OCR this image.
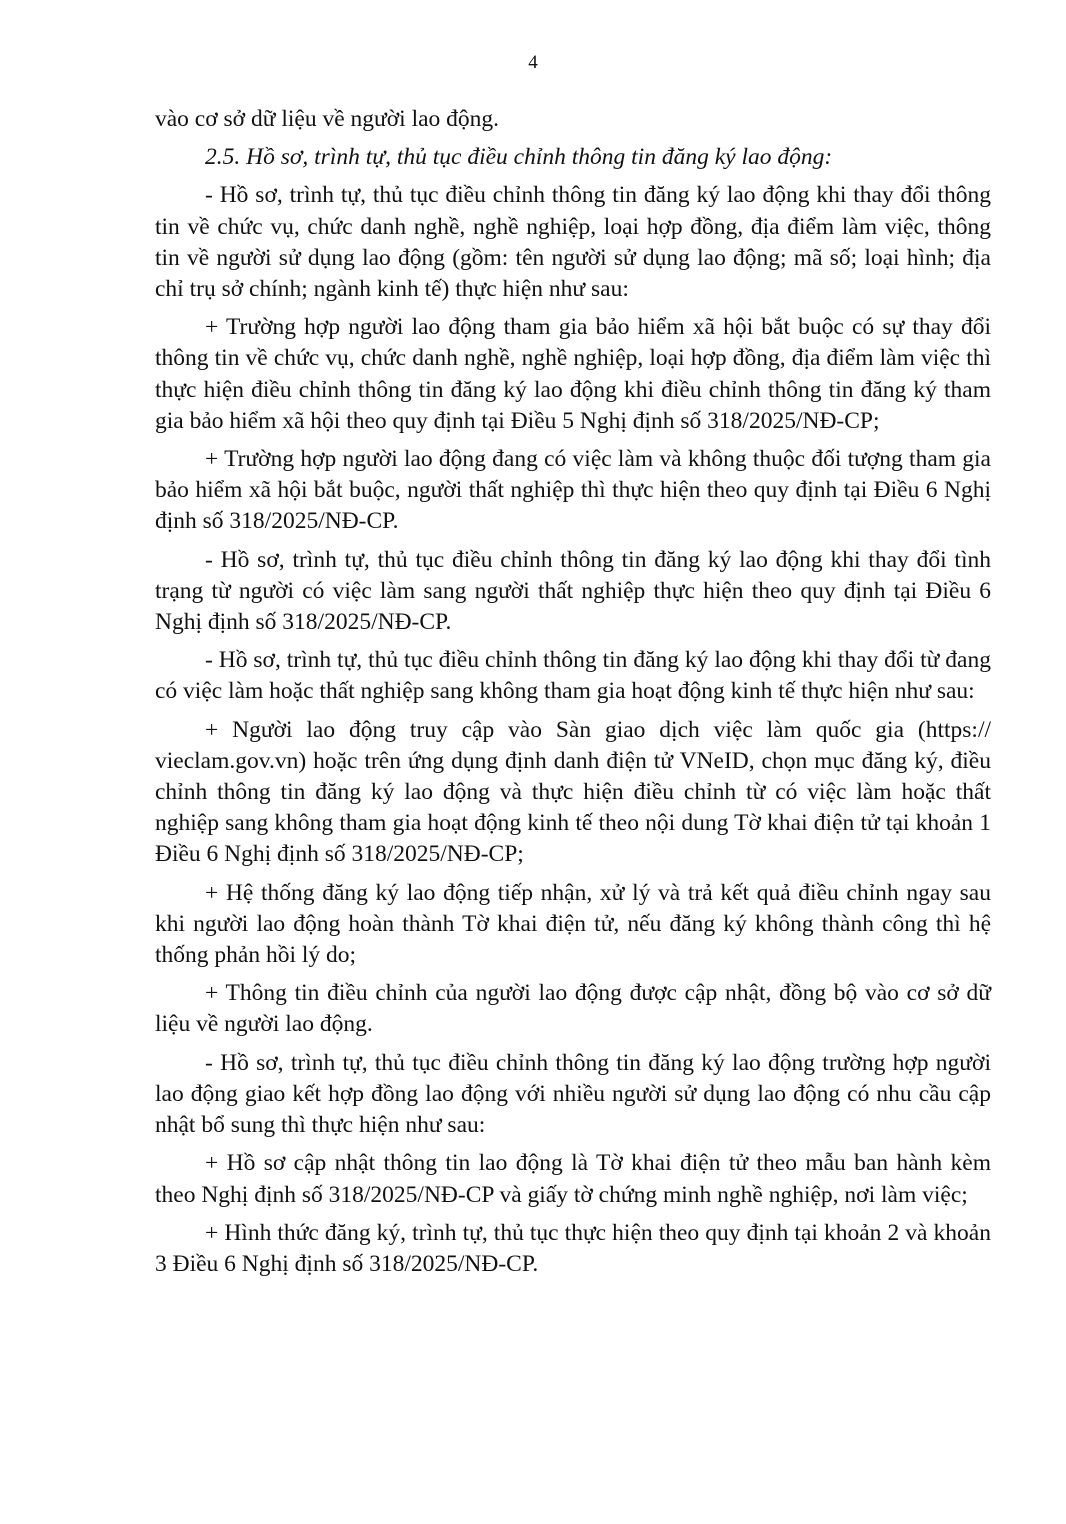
4

vào cơ sở dữ liệu về người lao động.

2.5. Hồ sơ, trình tự, thủ tục điều chỉnh thông tin đăng ký lao động:

- Hồ sơ, trình tự, thủ tục điều chỉnh thông tin đăng ký lao động khi thay đổi thông tin về chức vụ, chức danh nghề, nghề nghiệp, loại hợp đồng, địa điểm làm việc, thông tin về người sử dụng lao động (gồm: tên người sử dụng lao động; mã số; loại hình; địa chỉ trụ sở chính; ngành kinh tế) thực hiện như sau:

+ Trường hợp người lao động tham gia bảo hiểm xã hội bắt buộc có sự thay đổi thông tin về chức vụ, chức danh nghề, nghề nghiệp, loại hợp đồng, địa điểm làm việc thì thực hiện điều chỉnh thông tin đăng ký lao động khi điều chỉnh thông tin đăng ký tham gia bảo hiểm xã hội theo quy định tại Điều 5 Nghị định số 318/2025/NĐ-CP;

+ Trường hợp người lao động đang có việc làm và không thuộc đối tượng tham gia bảo hiểm xã hội bắt buộc, người thất nghiệp thì thực hiện theo quy định tại Điều 6 Nghị định số 318/2025/NĐ-CP.

- Hồ sơ, trình tự, thủ tục điều chỉnh thông tin đăng ký lao động khi thay đổi tình trạng từ người có việc làm sang người thất nghiệp thực hiện theo quy định tại Điều 6 Nghị định số 318/2025/NĐ-CP.

- Hồ sơ, trình tự, thủ tục điều chỉnh thông tin đăng ký lao động khi thay đổi từ đang có việc làm hoặc thất nghiệp sang không tham gia hoạt động kinh tế thực hiện như sau:

+ Người lao động truy cập vào Sàn giao dịch việc làm quốc gia (https:// vieclam.gov.vn) hoặc trên ứng dụng định danh điện tử VNeID, chọn mục đăng ký, điều chỉnh thông tin đăng ký lao động và thực hiện điều chỉnh từ có việc làm hoặc thất nghiệp sang không tham gia hoạt động kinh tế theo nội dung Tờ khai điện tử tại khoản 1 Điều 6 Nghị định số 318/2025/NĐ-CP;

+ Hệ thống đăng ký lao động tiếp nhận, xử lý và trả kết quả điều chỉnh ngay sau khi người lao động hoàn thành Tờ khai điện tử, nếu đăng ký không thành công thì hệ thống phản hồi lý do;

+ Thông tin điều chỉnh của người lao động được cập nhật, đồng bộ vào cơ sở dữ liệu về người lao động.

- Hồ sơ, trình tự, thủ tục điều chỉnh thông tin đăng ký lao động trường hợp người lao động giao kết hợp đồng lao động với nhiều người sử dụng lao động có nhu cầu cập nhật bổ sung thì thực hiện như sau:

+ Hồ sơ cập nhật thông tin lao động là Tờ khai điện tử theo mẫu ban hành kèm theo Nghị định số 318/2025/NĐ-CP và giấy tờ chứng minh nghề nghiệp, nơi làm việc;

+ Hình thức đăng ký, trình tự, thủ tục thực hiện theo quy định tại khoản 2 và khoản 3 Điều 6 Nghị định số 318/2025/NĐ-CP.
